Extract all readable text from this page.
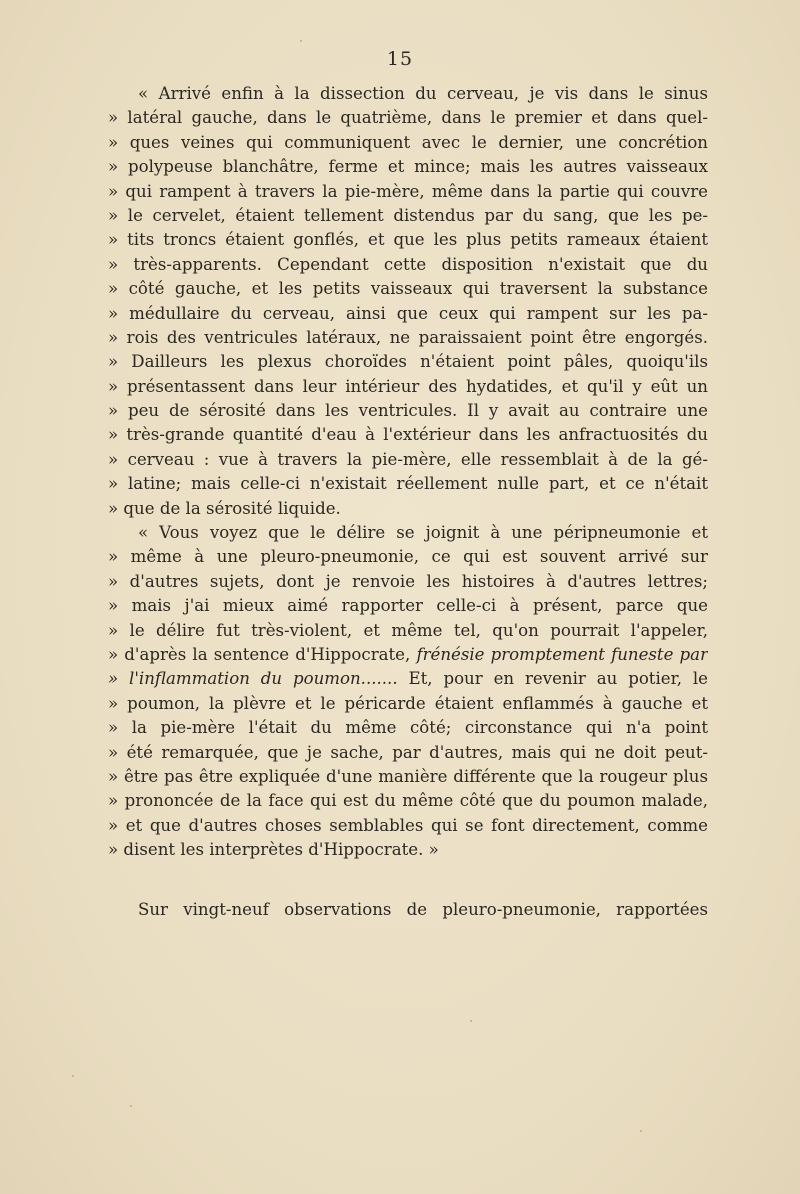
15
« Arrivé enfin à la dissection du cerveau, je vis dans le sinus
» latéral gauche, dans le quatrième, dans le premier et dans quel-
» ques veines qui communiquent avec le dernier, une concrétion
» polypeuse blanchâtre, ferme et mince; mais les autres vaisseaux
» qui rampent à travers la pie-mère, même dans la partie qui couvre
» le cervelet, étaient tellement distendus par du sang, que les pe-
» tits troncs étaient gonflés, et que les plus petits rameaux étaient
» très-apparents. Cependant cette disposition n'existait que du
» côté gauche, et les petits vaisseaux qui traversent la substance
» médullaire du cerveau, ainsi que ceux qui rampent sur les pa-
» rois des ventricules latéraux, ne paraissaient point être engorgés.
» Dailleurs les plexus choroïdes n'étaient point pâles, quoiqu'ils
» présentassent dans leur intérieur des hydatides, et qu'il y eût un
» peu de sérosité dans les ventricules. Il y avait au contraire une
» très-grande quantité d'eau à l'extérieur dans les anfractuosités du
» cerveau : vue à travers la pie-mère, elle ressemblait à de la gé-
» latine; mais celle-ci n'existait réellement nulle part, et ce n'était
» que de la sérosité liquide.
« Vous voyez que le délire se joignit à une péripneumonie et
» même à une pleuro-pneumonie, ce qui est souvent arrivé sur
» d'autres sujets, dont je renvoie les histoires à d'autres lettres;
» mais j'ai mieux aimé rapporter celle-ci à présent, parce que
» le délire fut très-violent, et même tel, qu'on pourrait l'appeler,
» d'après la sentence d'Hippocrate, frénésie promptement funeste par
» l'inflammation du poumon....... Et, pour en revenir au potier, le
» poumon, la plèvre et le péricarde étaient enflammés à gauche et
» la pie-mère l'était du même côté; circonstance qui n'a point
» été remarquée, que je sache, par d'autres, mais qui ne doit peut-
» être pas être expliquée d'une manière différente que la rougeur plus
» prononcée de la face qui est du même côté que du poumon malade,
» et que d'autres choses semblables qui se font directement, comme
» disent les interprètes d'Hippocrate. »
Sur vingt-neuf observations de pleuro-pneumonie, rapportées
